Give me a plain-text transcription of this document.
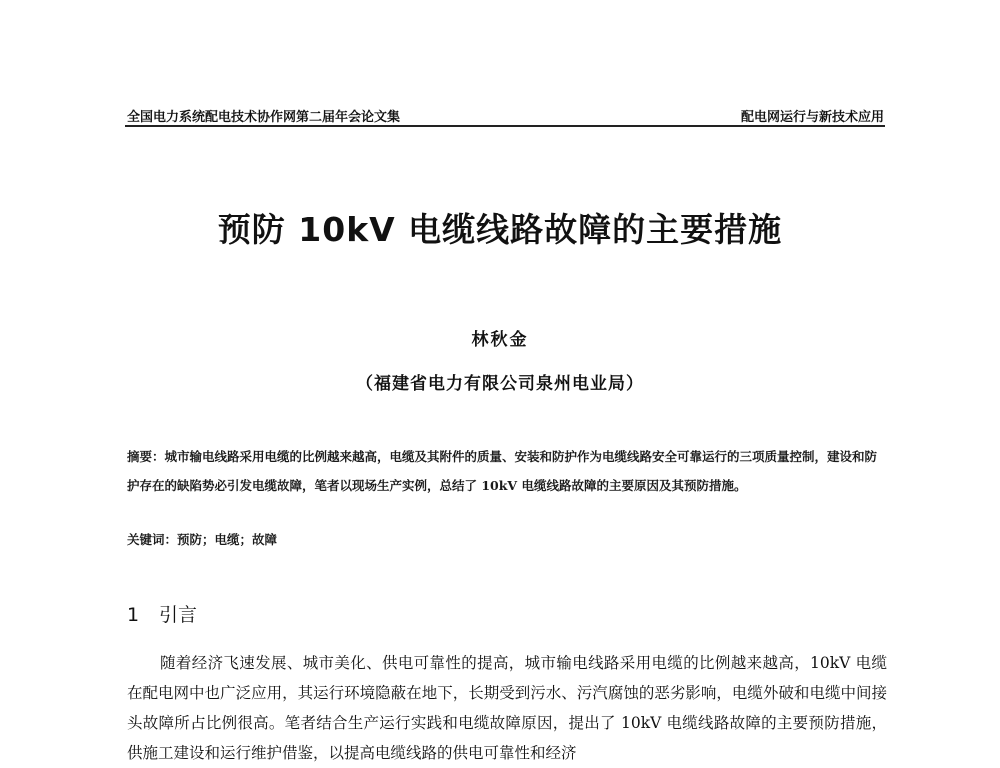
全国电力系统配电技术协作网第二届年会论文集	配电网运行与新技术应用
预防 10kV 电缆线路故障的主要措施
林秋金
（福建省电力有限公司泉州电业局）
摘要：城市输电线路采用电缆的比例越来越高，电缆及其附件的质量、安装和防护作为电缆线路安全可靠运行的三项质量控制，建设和防护存在的缺陷势必引发电缆故障，笔者以现场生产实例，总结了 10kV 电缆线路故障的主要原因及其预防措施。
关键词：预防；电缆；故障
1 引言
随着经济飞速发展、城市美化、供电可靠性的提高，城市输电线路采用电缆的比例越来越高，10kV 电缆在配电网中也广泛应用，其运行环境隐蔽在地下，长期受到污水、污汽腐蚀的恶劣影响，电缆外破和电缆中间接头故障所占比例很高。笔者结合生产运行实践和电缆故障原因，提出了 10kV 电缆线路故障的主要预防措施，供施工建设和运行维护借鉴，以提高电缆线路的供电可靠性和经济
